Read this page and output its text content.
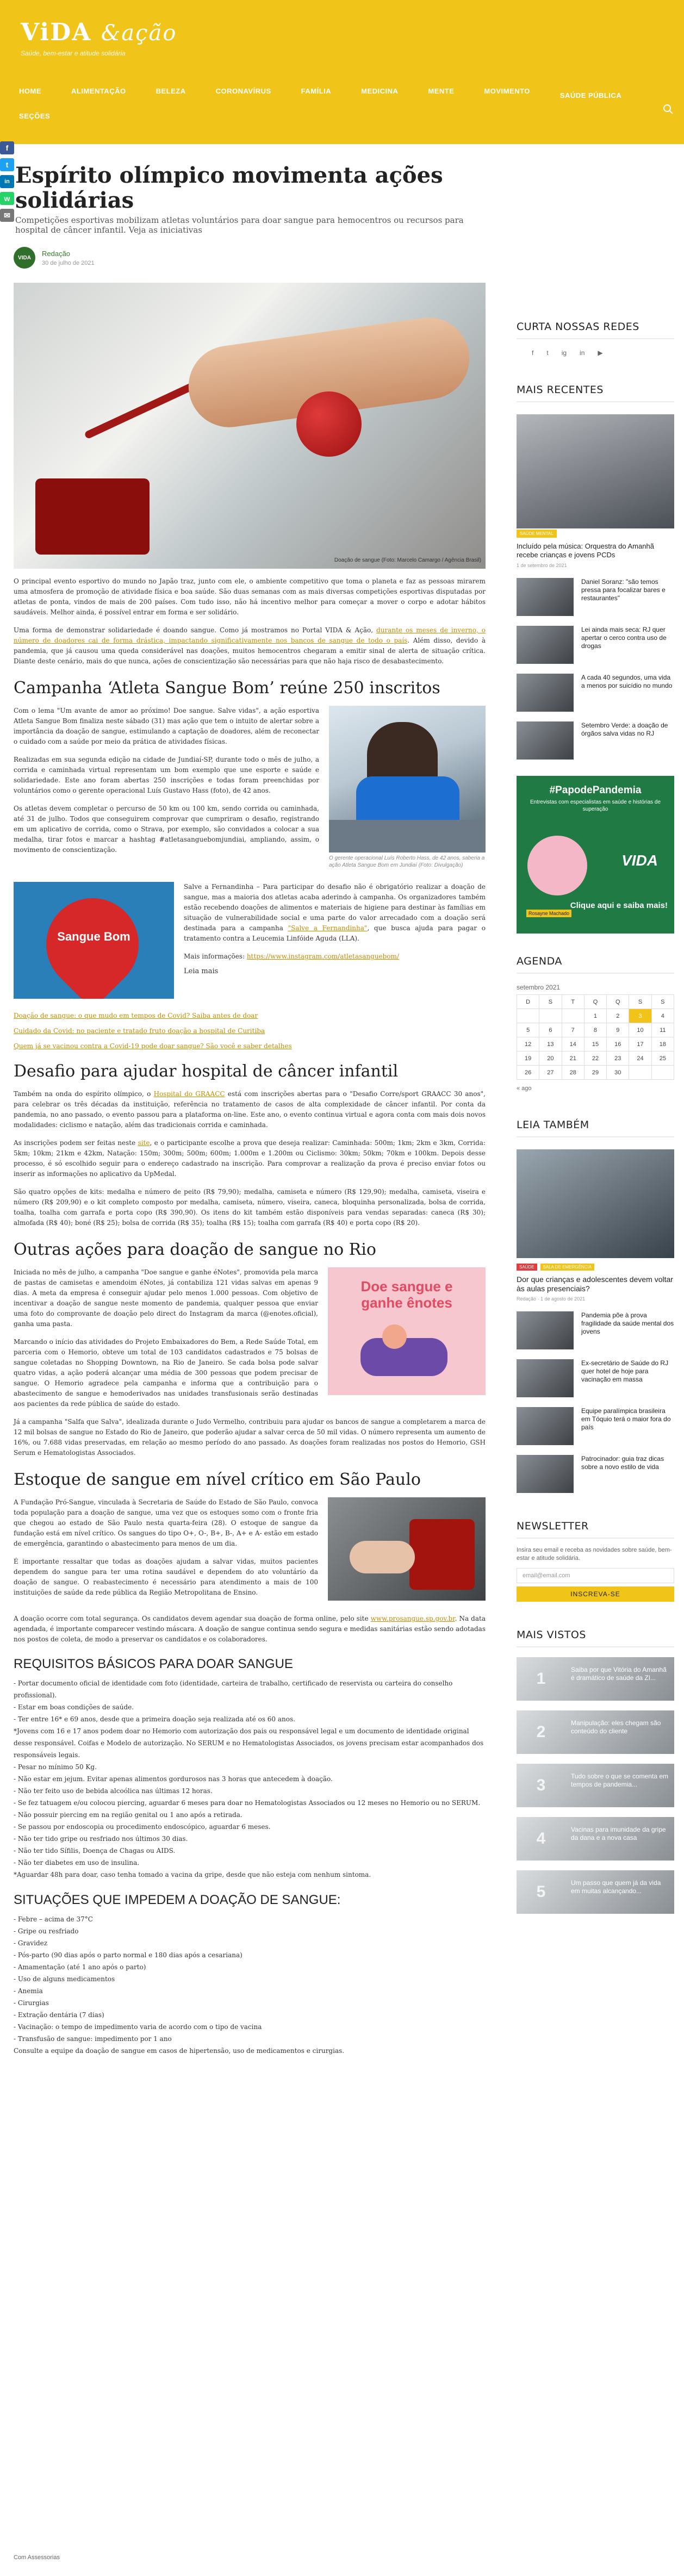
ViDA &ação
Saúde, bem-estar e atitude solidária
HOME	ALIMENTAÇÃO	BELEZA	CORONAVÍRUS	FAMÍLIA	MEDICINA	MENTE	MOVIMENTO
SAÚDE PÚBLICA
SEÇÕES
f
t
in
w
✉
Espírito olímpico movimenta ações solidárias
Competições esportivas mobilizam atletas voluntários para doar sangue para hemocentros ou recursos para hospital de câncer infantil. Veja as iniciativas
VIDA
Redação
30 de julho de 2021
Doação de sangue (Foto: Marcelo Camargo / Agência Brasil)

O principal evento esportivo do mundo no Japão traz, junto com ele, o ambiente competitivo que toma o planeta e faz as pessoas mirarem uma atmosfera de promoção de atividade física e boa saúde. São duas semanas com as mais diversas competições esportivas disputadas por atletas de ponta, vindos de mais de 200 países. Com tudo isso, não há incentivo melhor para começar a mover o corpo e adotar hábitos saudáveis. Melhor ainda, é possível entrar em forma e ser solidário.

Uma forma de demonstrar solidariedade é doando sangue. Como já mostramos no Portal VIDA & Ação, durante os meses de inverno, o número de doadores cai de forma drástica, impactando significativamente nos bancos de sangue de todo o país. Além disso, devido à pandemia, que já causou uma queda considerável nas doações, muitos hemocentros chegaram a emitir sinal de alerta de situação crítica. Diante deste cenário, mais do que nunca, ações de conscientização são necessárias para que não haja risco de desabastecimento.

Campanha ‘Atleta Sangue Bom’ reúne 250 inscritos
O gerente operacional Luís Roberto Hass, de 42 anos, saberia a ação Atleta Sangue Bom em Jundiaí (Foto: Divulgação)

Com o lema "Um avante de amor ao próximo! Doe sangue. Salve vidas", a ação esportiva Atleta Sangue Bom finaliza neste sábado (31) mas ação que tem o intuito de alertar sobre a importância da doação de sangue, estimulando a captação de doadores, além de reconectar o cuidado com a saúde por meio da prática de atividades físicas.

Realizadas em sua segunda edição na cidade de Jundiaí-SP, durante todo o mês de julho, a corrida e caminhada virtual representam um bom exemplo que une esporte e saúde e solidariedade. Este ano foram abertas 250 inscrições e todas foram preenchidas por voluntários como o gerente operacional Luís Gustavo Hass (foto), de 42 anos.

Os atletas devem completar o percurso de 50 km ou 100 km, sendo corrida ou caminhada, até 31 de julho. Todos que conseguirem comprovar que cumpriram o desafio, registrando em um aplicativo de corrida, como o Strava, por exemplo, são convidados a colocar a sua medalha, tirar fotos e marcar a hashtag #atletasanguebomjundiai, ampliando, assim, o movimento de conscientização.

Sangue Bom

Salve a Fernandinha – Para participar do desafio não é obrigatório realizar a doação de sangue, mas a maioria dos atletas acaba aderindo à campanha. Os organizadores também estão recebendo doações de alimentos e materiais de higiene para destinar às famílias em situação de vulnerabilidade social e uma parte do valor arrecadado com a doação será destinada para a campanha "Salve a Fernandinha", que busca ajuda para pagar o tratamento contra a Leucemia Linfóide Aguda (LLA).

Mais informações: https://www.instagram.com/atletasanguebom/

Leia mais
Doação de sangue: o que mudo em tempos de Covid? Saiba antes de doar
Cuidado da Covid: no paciente e tratado fruto doação a hospital de Curitiba
Quem já se vacinou contra a Covid-19 pode doar sangue? São você e saber detalhes
Desafio para ajudar hospital de câncer infantil

Também na onda do espírito olímpico, o Hospital do GRAACC está com inscrições abertas para o "Desafio Corre/sport GRAACC 30 anos", para celebrar os três décadas da instituição, referência no tratamento de casos de alta complexidade de câncer infantil. Por conta da pandemia, no ano passado, o evento passou para a plataforma on-line. Este ano, o evento continua virtual e agora conta com mais dois novos modalidades: ciclismo e natação, além das tradicionais corrida e caminhada.

As inscrições podem ser feitas neste site, e o participante escolhe a prova que deseja realizar: Caminhada: 500m; 1km; 2km e 3km, Corrida: 5km; 10km; 21km e 42km, Natação: 150m; 300m; 500m; 600m; 1.000m e 1.200m ou Ciclismo: 30km; 50km; 70km e 100km. Depois desse processo, é só escolhido seguir para o endereço cadastrado na inscrição. Para comprovar a realização da prova é preciso enviar fotos ou inserir as informações no aplicativo da UpMedal.

São quatro opções de kits: medalha e número de peito (R$ 79,90); medalha, camiseta e número (R$ 129,90); medalha, camiseta, viseira e número (R$ 209,90) e o kit completo composto por medalha, camiseta, número, viseira, caneca, bloquinha personalizada, bolsa de corrida, toalha, toalha com garrafa e porta copo (R$ 390,90). Os itens do kit também estão disponíveis para vendas separadas: caneca (R$ 30); almofada (R$ 40); boné (R$ 25); bolsa de corrida (R$ 35); toalha (R$ 15); toalha com garrafa (R$ 40) e porta copo (R$ 20).

Outras ações para doação de sangue no Rio
Doe sangue e ganhe ênotes

Iniciada no mês de julho, a campanha "Doe sangue e ganhe éNotes", promovida pela marca de pastas de camisetas e amendoim éNotes, já contabiliza 121 vidas salvas em apenas 9 dias. A meta da empresa é conseguir ajudar pelo menos 1.000 pessoas. Com objetivo de incentivar a doação de sangue neste momento de pandemia, qualquer pessoa que enviar uma foto do comprovante de doação pelo direct do Instagram da marca (@enotes.oficial), ganha uma pasta.

Marcando o início das atividades do Projeto Embaixadores do Bem, a Rede Saúde Total, em parceria com o Hemorio, obteve um total de 103 candidatos cadastrados e 75 bolsas de sangue coletadas no Shopping Downtown, na Rio de Janeiro. Se cada bolsa pode salvar quatro vidas, a ação poderá alcançar uma média de 300 pessoas que podem precisar de sangue. O Hemorio agradece pela campanha e informa que a contribuição para o abastecimento de sangue e hemoderivados nas unidades transfusionais serão destinadas aos pacientes da rede pública de saúde do estado.

Já a campanha "Salfa que Salva", idealizada durante o Judo Vermelho, contribuiu para ajudar os bancos de sangue a completarem a marca de 12 mil bolsas de sangue no Estado do Rio de Janeiro, que poderão ajudar a salvar cerca de 50 mil vidas. O número representa um aumento de 16%, ou 7.688 vidas preservadas, em relação ao mesmo período do ano passado. As doações foram realizadas nos postos do Hemorio, GSH Serum e Hematologistas Associados.

Estoque de sangue em nível crítico em São Paulo

A Fundação Pró-Sangue, vinculada à Secretaria de Saúde do Estado de São Paulo, convoca toda população para a doação de sangue, uma vez que os estoques somo com o fronte fria que chegou ao estado de São Paulo nesta quarta-feira (28). O estoque de sangue da fundação está em nível crítico. Os sangues do tipo O+, O-, B+, B-, A+ e A- estão em estado de emergência, garantindo o abastecimento para menos de um dia.

É importante ressaltar que todas as doações ajudam a salvar vidas, muitos pacientes dependem do sangue para ter uma rotina saudável e dependem do ato voluntário da doação de sangue. O reabastecimento é necessário para atendimento a mais de 100 instituições de saúde da rede pública da Região Metropolitana de Ensino.

A doação ocorre com total segurança. Os candidatos devem agendar sua doação de forma online, pelo site www.prosangue.sp.gov.br. Na data agendada, é importante comparecer vestindo máscara. A doação de sangue continua sendo segura e medidas sanitárias estão sendo adotadas nos postos de coleta, de modo a preservar os candidatos e os colaboradores.

REQUISITOS BÁSICOS PARA DOAR SANGUE
- Portar documento oficial de identidade com foto (identidade, carteira de trabalho, certificado de reservista ou carteira do conselho profissional).
- Estar em boas condições de saúde.
- Ter entre 16* e 69 anos, desde que a primeira doação seja realizada até os 60 anos.
*Jovens com 16 e 17 anos podem doar no Hemorio com autorização dos pais ou responsável legal e um documento de identidade original desse responsável. Coifas e Modelo de autorização. No SERUM e no Hematologistas Associados, os jovens precisam estar acompanhados dos responsáveis legais.
- Pesar no mínimo 50 Kg.
- Não estar em jejum. Evitar apenas alimentos gordurosos nas 3 horas que antecedem à doação.
- Não ter feito uso de bebida alcoólica nas últimas 12 horas.
- Se fez tatuagem e/ou colocou piercing, aguardar 6 meses para doar no Hematologistas Associados ou 12 meses no Hemorio ou no SERUM.
- Não possuir piercing em na região genital ou 1 ano após a retirada.
- Se passou por endoscopia ou procedimento endoscópico, aguardar 6 meses.
- Não ter tido gripe ou resfriado nos últimos 30 dias.
- Não ter tido Sífilis, Doença de Chagas ou AIDS.
- Não ter diabetes em uso de insulina.
*Aguardar 48h para doar, caso tenha tomado a vacina da gripe, desde que não esteja com nenhum sintoma.
SITUAÇÕES QUE IMPEDEM A DOAÇÃO DE SANGUE:
- Febre – acima de 37°C
- Gripe ou resfriado
- Gravidez
- Pós-parto (90 dias após o parto normal e 180 dias após a cesariana)
- Amamentação (até 1 ano após o parto)
- Uso de alguns medicamentos
- Anemia
- Cirurgias
- Extração dentária (7 dias)
- Vacinação: o tempo de impedimento varia de acordo com o tipo de vacina
- Transfusão de sangue: impedimento por 1 ano
Consulte a equipe da doação de sangue em casos de hipertensão, uso de medicamentos e cirurgias.
CURTA NOSSAS REDES
f t ig in ▶
MAIS RECENTES
SAÚDE MENTAL
Incluído pela música: Orquestra do Amanhã recebe crianças e jovens PCDs
1 de setembro de 2021
Daniel Soranz: "são temos pressa para focalizar bares e restaurantes"
Lei ainda mais seca: RJ quer apertar o cerco contra uso de drogas
A cada 40 segundos, uma vida a menos por suicídio no mundo
Setembro Verde: a doação de órgãos salva vidas no RJ
#PapodePandemia
Entrevistas com especialistas em saúde e histórias de superação
VIDA
Rosayne Machado
Clique aqui e saiba mais!
AGENDA
setembro 2021
D	S	T	Q	Q	S	S
			1	2	3	4
5	6	7	8	9	10	11
12	13	14	15	16	17	18
19	20	21	22	23	24	25
26	27	28	29	30		
« ago
LEIA TAMBÉM
SAÚDE	SALA DE EMERGÊNCIA
Dor que crianças e adolescentes devem voltar às aulas presenciais?
Redação · 1 de agosto de 2021
Pandemia põe à prova fragilidade da saúde mental dos jovens
Ex-secretário de Saúde do RJ quer hotel de hoje para vacinação em massa
Equipe paralímpica brasileira em Tóquio terá o maior fora do país
Patrocinador: guia traz dicas sobre a novo estilo de vida
NEWSLETTER
Insira seu email e receba as novidades sobre saúde, bem-estar e atitude solidária.
email@email.com
INSCREVA-SE
MAIS VISTOS
1	Saiba por que Vitória do Amanhã é dramático de saúde da ZI...
2	Manipulação: eles chegam são conteúdo do cliente
3	Tudo sobre o que se comenta em tempos de pandemia...
4	Vacinas para imunidade da gripe da dana e a nova casa
5	Um passo que quem já da vida em muitas alcançando...
Com Assessorias
